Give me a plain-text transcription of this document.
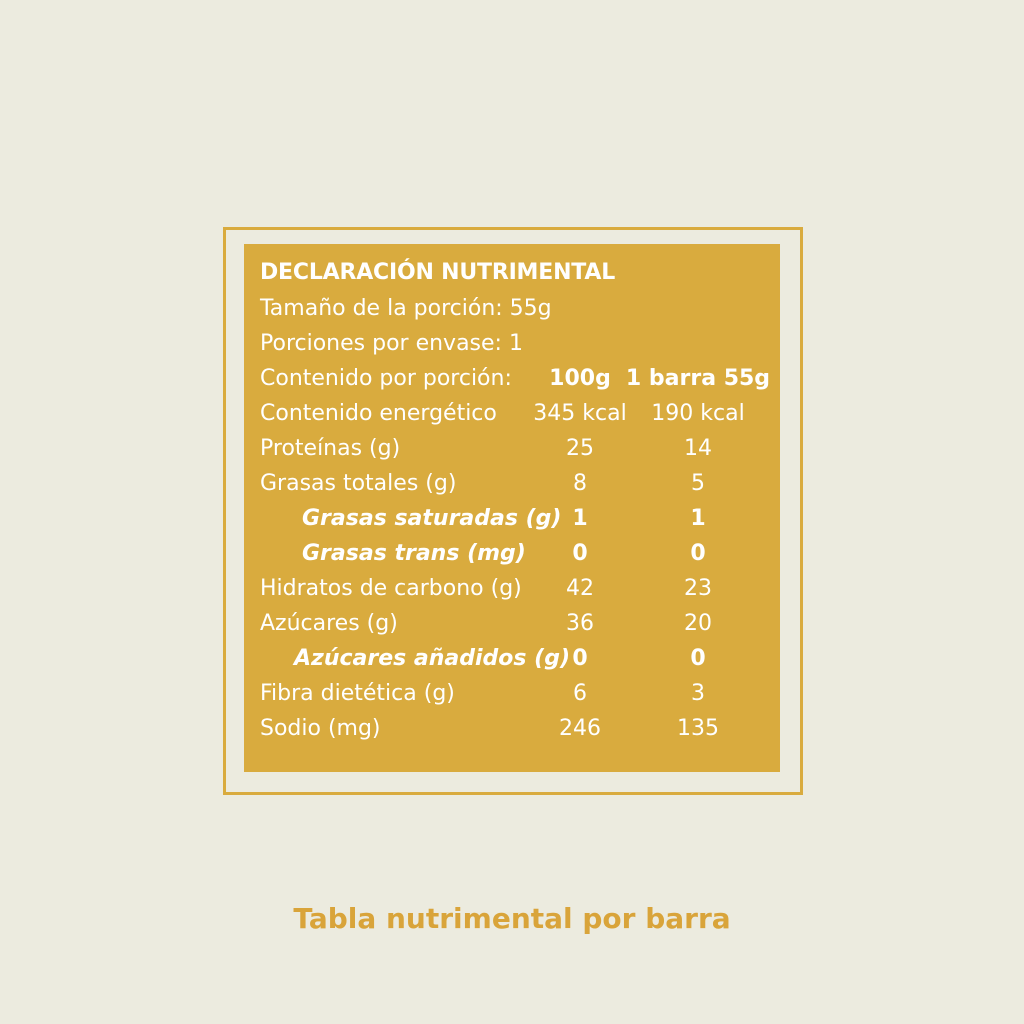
DECLARACIÓN NUTRIMENTAL
Tamaño de la porción: 55g
Porciones por envase: 1
Contenido por porción: 100g 1 barra 55g
Contenido energético 345 kcal 190 kcal
Proteínas (g)	25	14
Grasas totales (g)	8	5
Grasas saturadas (g) 1	1
Grasas trans (mg) 0	0
Hidratos de carbono (g) 42	23
Azúcares (g)	36	20
Azúcares añadidos (g) 0	0
Fibra dietética (g)	6	3
Sodio (mg)	246	135
Tabla nutrimental por barra
